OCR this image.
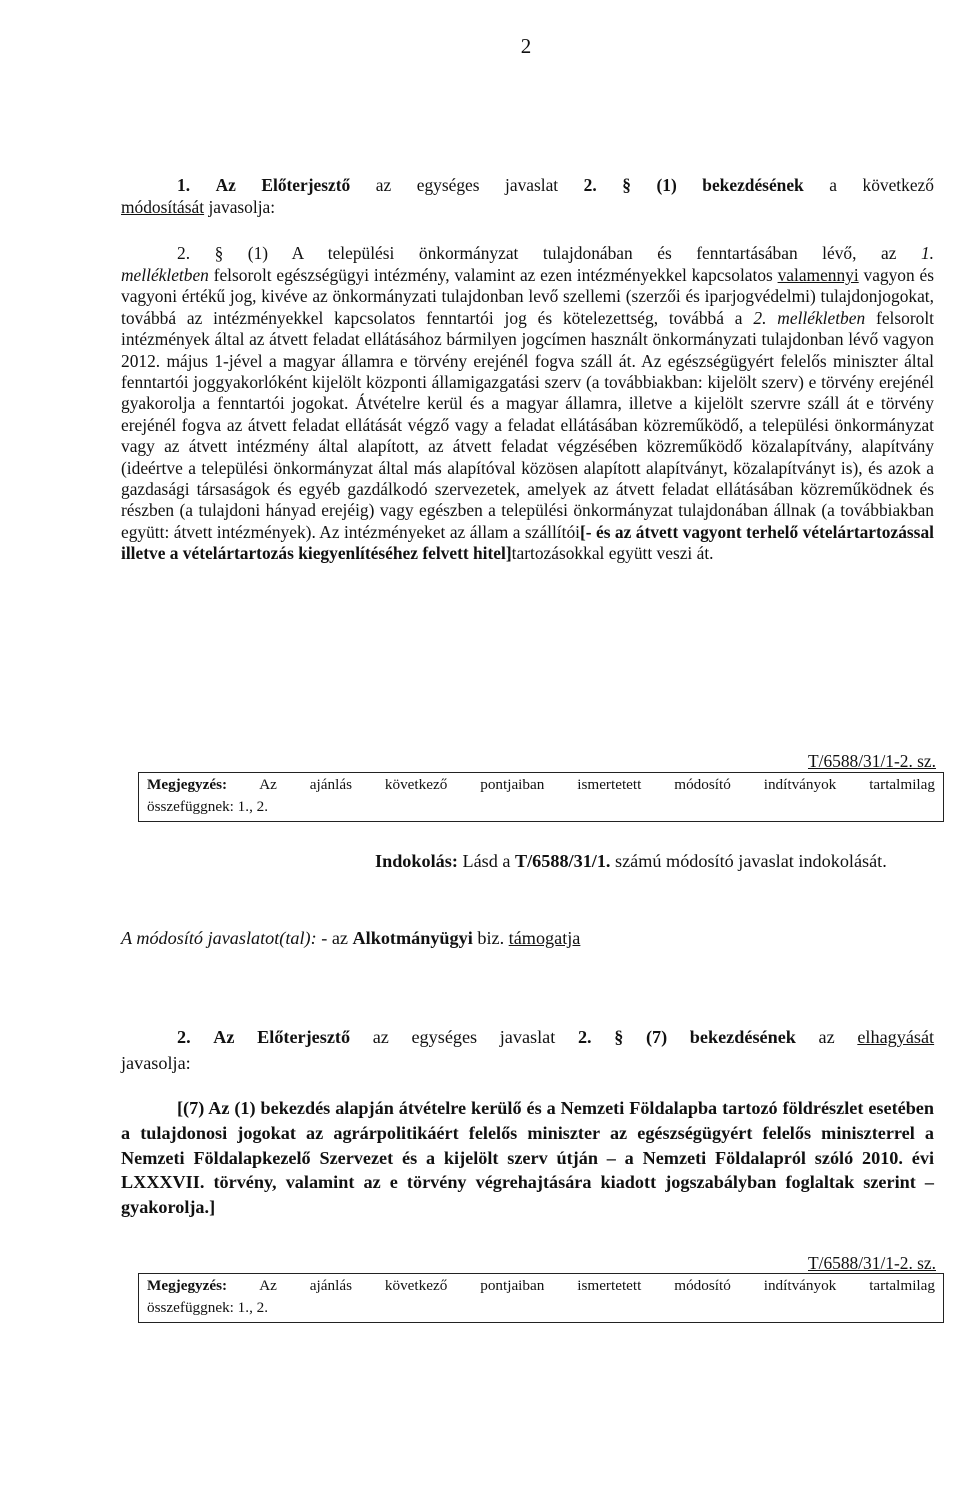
2
1. Az Előterjesztő az egységes javaslat 2. § (1) bekezdésének a következő
módosítását javasolja:
2. § (1) A települési önkormányzat tulajdonában és fenntartásában lévő, az 1.
mellékletben felsorolt egészségügyi intézmény, valamint az ezen intézményekkel kapcsolatos valamennyi vagyon és vagyoni értékű jog, kivéve az önkormányzati tulajdonban levő szellemi (szerzői és iparjogvédelmi) tulajdonjogokat, továbbá az intézményekkel kapcsolatos fenntartói jog és kötelezettség, továbbá a 2. mellékletben felsorolt intézmények által az átvett feladat ellátásához bármilyen jogcímen használt önkormányzati tulajdonban lévő vagyon 2012. május 1-jével a magyar államra e törvény erejénél fogva száll át. Az egészségügyért felelős miniszter által fenntartói joggyakorlóként kijelölt központi államigazgatási szerv (a továbbiakban: kijelölt szerv) e törvény erejénél gyakorolja a fenntartói jogokat. Átvételre kerül és a magyar államra, illetve a kijelölt szervre száll át e törvény erejénél fogva az átvett feladat ellátását végző vagy a feladat ellátásában közreműködő, a települési önkormányzat vagy az átvett intézmény által alapított, az átvett feladat végzésében közreműködő közalapítvány, alapítvány (ideértve a települési önkormányzat által más alapítóval közösen alapított alapítványt, közalapítványt is), és azok a gazdasági társaságok és egyéb gazdálkodó szervezetek, amelyek az átvett feladat ellátásában közreműködnek és részben (a tulajdoni hányad erejéig) vagy egészben a települési önkormányzat tulajdonában állnak (a továbbiakban együtt: átvett intézmények). Az intézményeket az állam a szállítói[- és az átvett vagyont terhelő vételártartozással illetve a vételártartozás kiegyenlítéséhez felvett hitel]tartozásokkal együtt veszi át.
T/6588/31/1-2. sz.
Megjegyzés: Az ajánlás következő pontjaiban ismertetett módosító indítványok tartalmilag
összefüggnek: 1., 2.
Indokolás: Lásd a T/6588/31/1. számú módosító javaslat indokolását.
A módosító javaslatot(tal): - az Alkotmányügyi biz. támogatja
2. Az Előterjesztő az egységes javaslat 2. § (7) bekezdésének az elhagyását
javasolja:
[(7) Az (1) bekezdés alapján átvételre kerülő és a Nemzeti Földalapba tartozó földrészlet esetében a tulajdonosi jogokat az agrárpolitikáért felelős miniszter az egészségügyért felelős miniszterrel a Nemzeti Földalapkezelő Szervezet és a kijelölt szerv útján – a Nemzeti Földalapról szóló 2010. évi LXXXVII. törvény, valamint az e törvény végrehajtására kiadott jogszabályban foglaltak szerint – gyakorolja.]
T/6588/31/1-2. sz.
Megjegyzés: Az ajánlás következő pontjaiban ismertetett módosító indítványok tartalmilag
összefüggnek: 1., 2.
